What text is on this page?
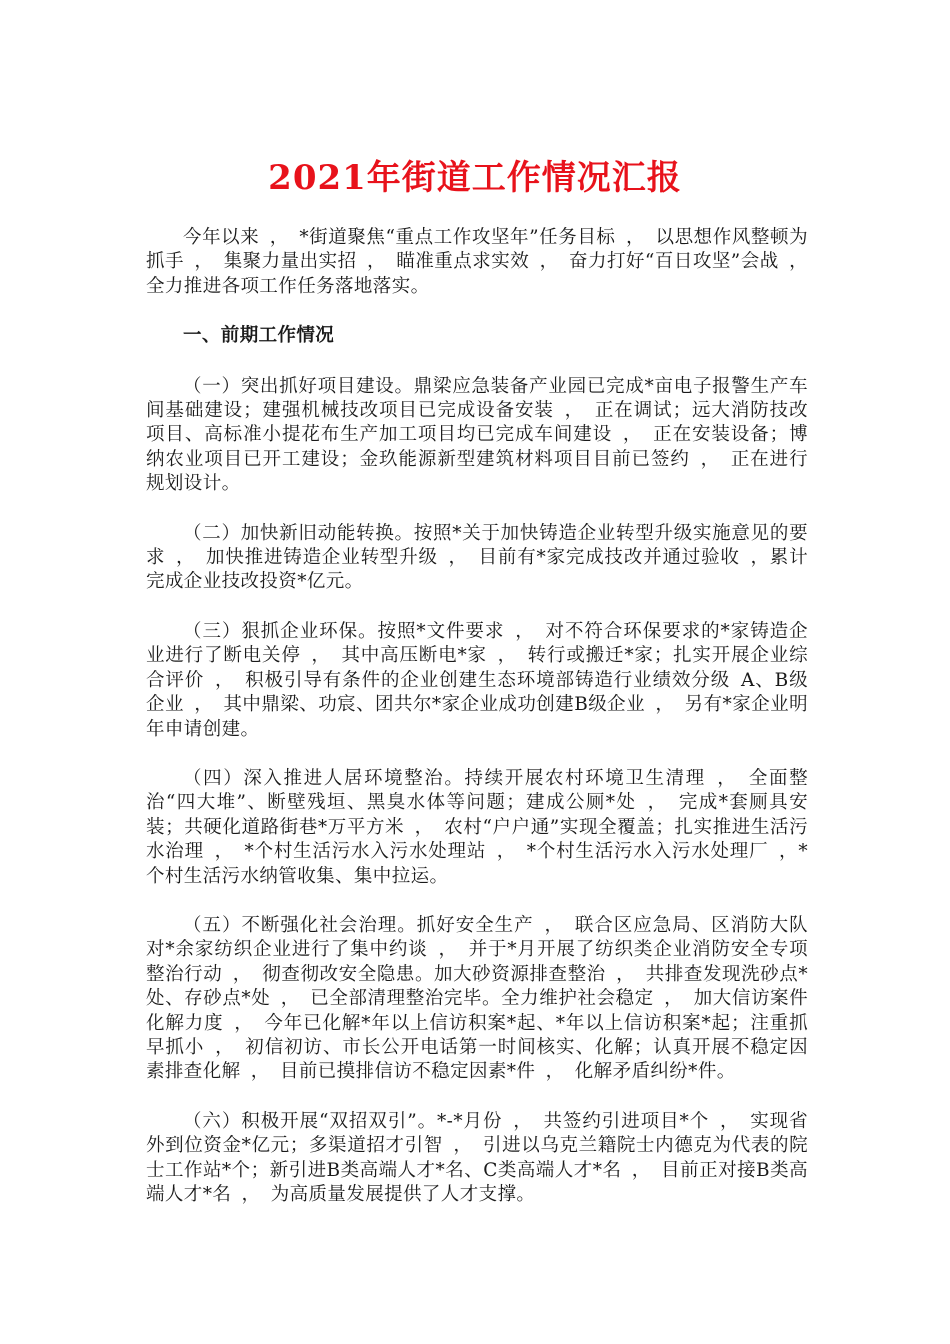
2021年街道工作情况汇报

今年以来 ， *街道聚焦“重点工作攻坚年”任务目标 ， 以思想作风整顿为抓手 ， 集聚力量出实招 ， 瞄准重点求实效 ， 奋力打好“百日攻坚”会战 ， 全力推进各项工作任务落地落实。

一、前期工作情况

（一）突出抓好项目建设。鼎梁应急装备产业园已完成*亩电子报警生产车间基础建设；建强机械技改项目已完成设备安装 ， 正在调试；远大消防技改项目、高标准小提花布生产加工项目均已完成车间建设 ， 正在安装设备；博纳农业项目已开工建设；金玖能源新型建筑材料项目目前已签约 ， 正在进行规划设计。

（二）加快新旧动能转换。按照*关于加快铸造企业转型升级实施意见的要求 ， 加快推进铸造企业转型升级 ， 目前有*家完成技改并通过验收 ，累计完成企业技改投资*亿元。

（三）狠抓企业环保。按照*文件要求 ， 对不符合环保要求的*家铸造企业进行了断电关停 ， 其中高压断电*家 ， 转行或搬迁*家；扎实开展企业综合评价 ， 积极引导有条件的企业创建生态环境部铸造行业绩效分级 A、B级企业 ， 其中鼎梁、功宸、团共尔*家企业成功创建B级企业 ， 另有*家企业明年申请创建。

（四）深入推进人居环境整治。持续开展农村环境卫生清理 ， 全面整治“四大堆”、断壁残垣、黑臭水体等问题；建成公厕*处 ， 完成*套厕具安装；共硬化道路街巷*万平方米 ， 农村“户户通”实现全覆盖；扎实推进生活污水治理 ， *个村生活污水入污水处理站 ， *个村生活污水入污水处理厂 ，*个村生活污水纳管收集、集中拉运。

（五）不断强化社会治理。抓好安全生产 ， 联合区应急局、区消防大队对*余家纺织企业进行了集中约谈 ， 并于*月开展了纺织类企业消防安全专项整治行动 ， 彻查彻改安全隐患。加大砂资源排查整治 ， 共排查发现洗砂点*处、存砂点*处 ， 已全部清理整治完毕。全力维护社会稳定 ， 加大信访案件化解力度 ， 今年已化解*年以上信访积案*起、*年以上信访积案*起；注重抓早抓小 ， 初信初访、市长公开电话第一时间核实、化解；认真开展不稳定因素排查化解 ， 目前已摸排信访不稳定因素*件 ， 化解矛盾纠纷*件。

（六）积极开展“双招双引”。*-*月份 ， 共签约引进项目*个 ， 实现省外到位资金*亿元；多渠道招才引智 ， 引进以乌克兰籍院士内德克为代表的院士工作站*个；新引进B类高端人才*名、C类高端人才*名 ， 目前正对接B类高端人才*名 ， 为高质量发展提供了人才支撑。
